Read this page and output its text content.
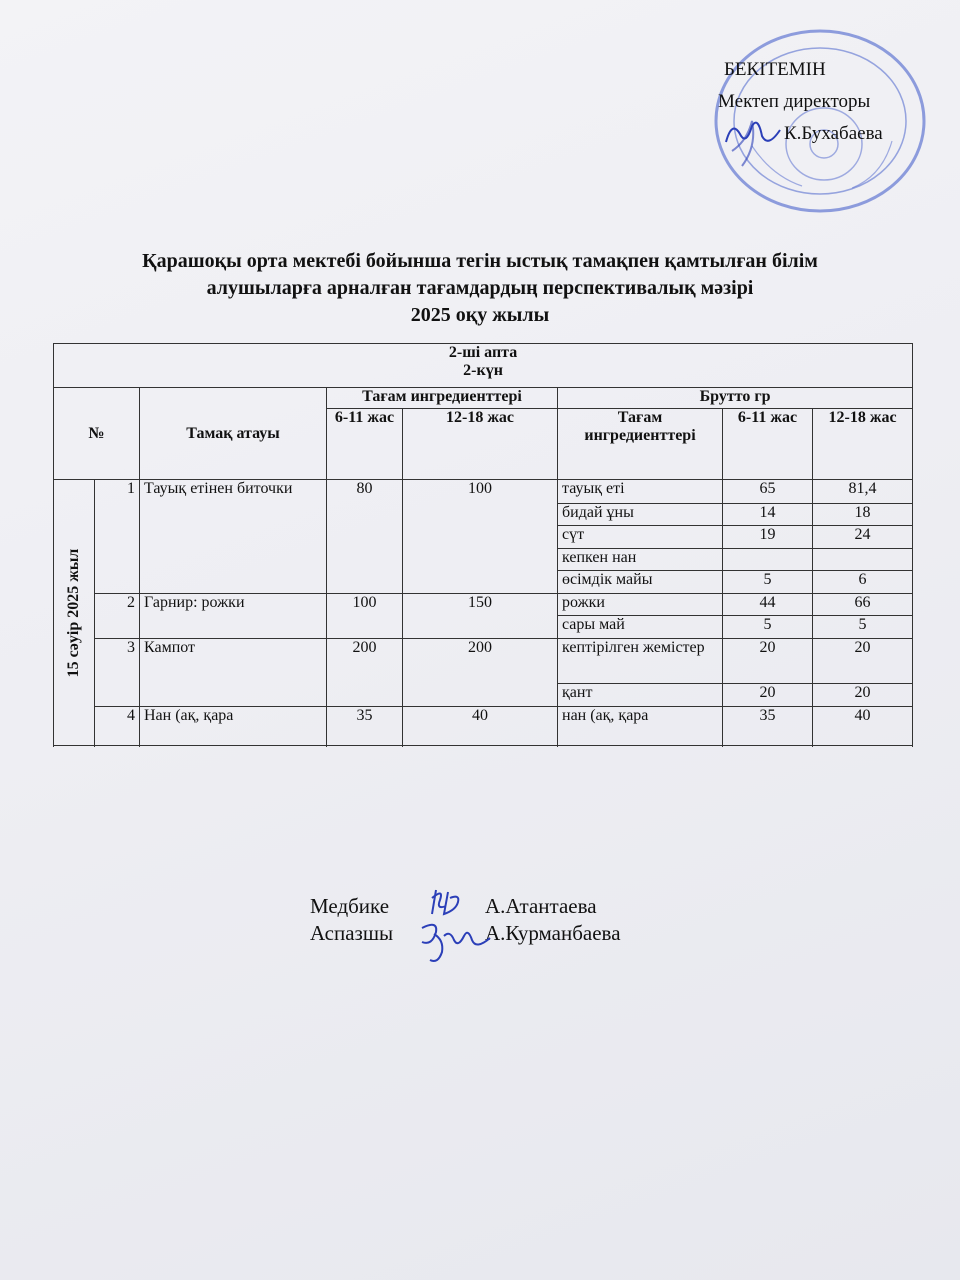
БЕКІТЕМІН
Мектеп директоры
К.Бухабаева
Қарашоқы орта мектебі бойынша тегін ыстық тамақпен қамтылған білім
алушыларға арналған тағамдардың перспективалық мәзірі
2025 оқу жылы
2-ші апта
2-күн							

№		Тамақ атауы	Тағам ингредиенттері		Брутто гр		
			6-11 жас	12-18 жас	Тағам ингредиенттері	6-11 жас	12-18 жас

15 сәуір 2025 жыл	1	Тауық етінен биточки	80	100	тауық еті	65	81,4
					бидай ұны	14	18
					сүт	19	24
					кепкен нан		
					өсімдік майы	5	6
	2	Гарнир: рожки	100	150	рожки	44	66
					сары май	5	5
	3	Кампот	200	200	кептірілген жемістер	20	20
					қант	20	20
	4	Нан (ақ, қара	35	40	нан (ақ, қара	35	40

Медбике	А.Атантаева
Аспазшы	А.Курманбаева
